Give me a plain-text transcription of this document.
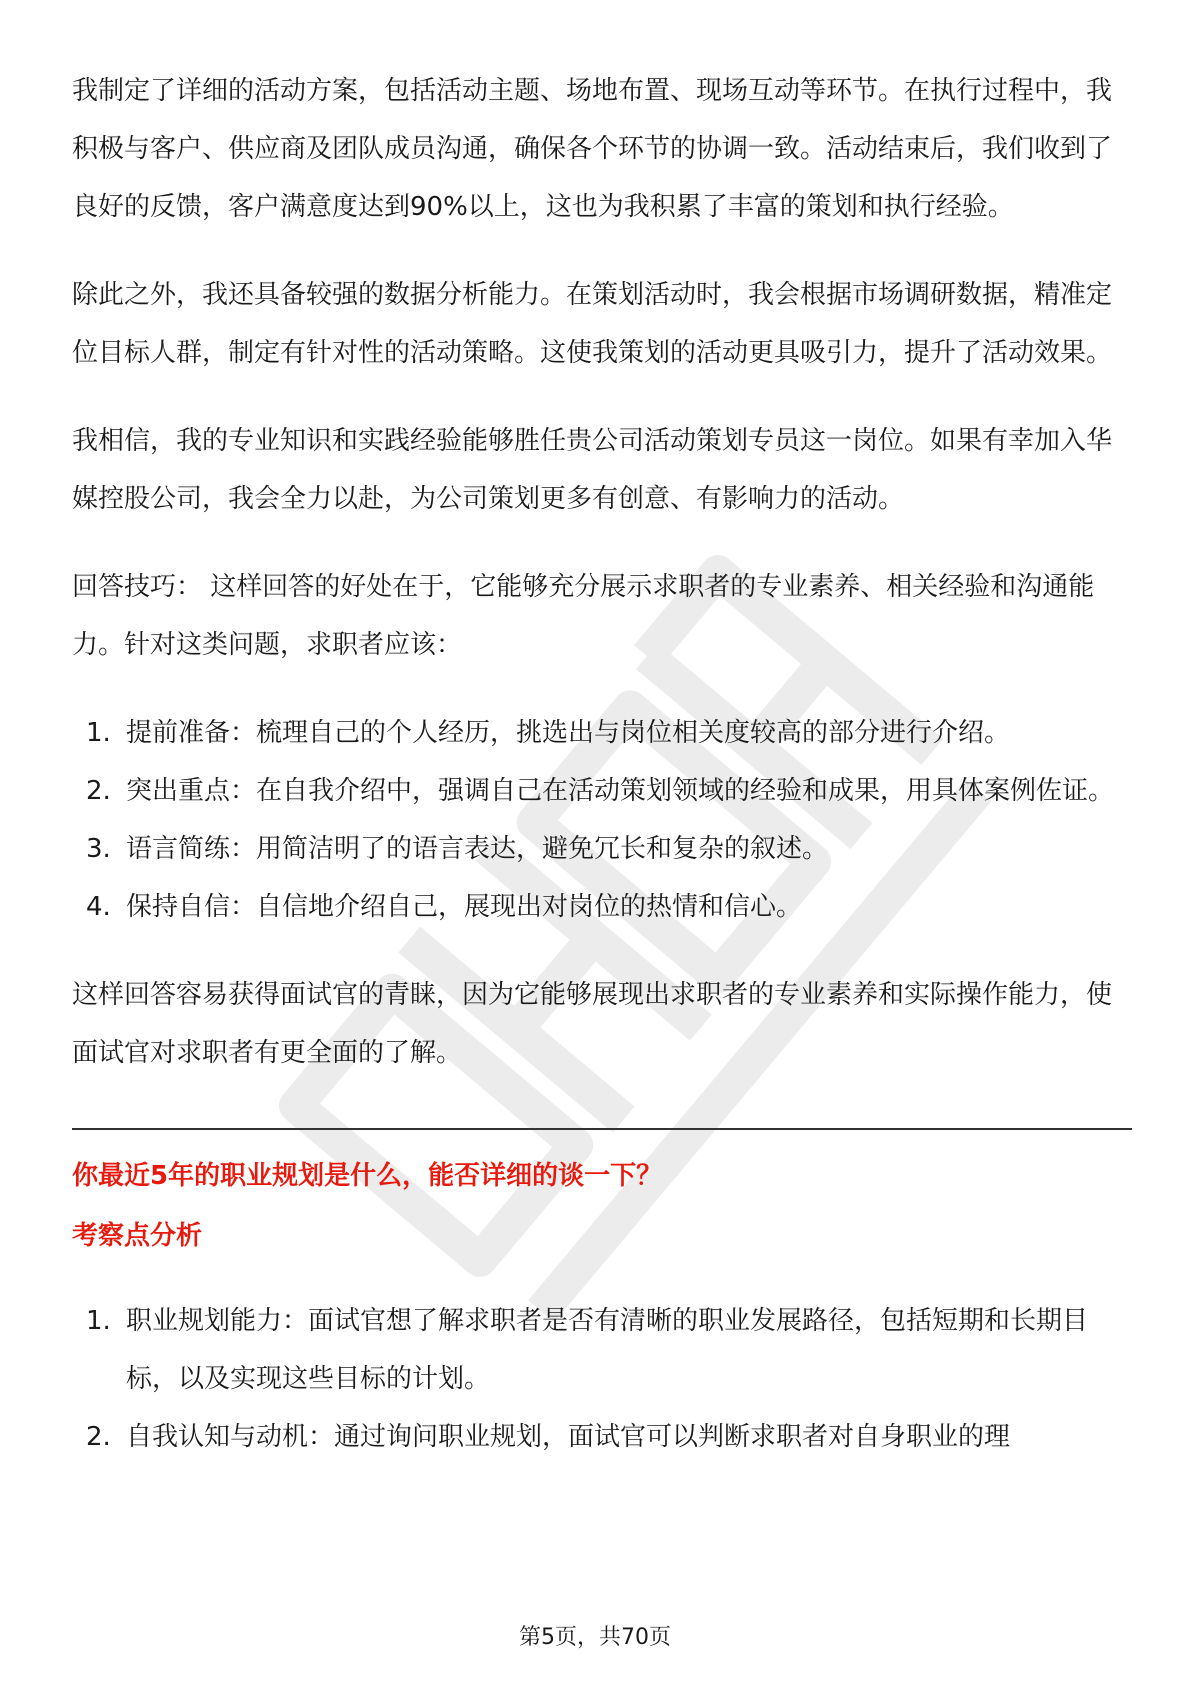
我制定了详细的活动方案，包括活动主题、场地布置、现场互动等环节。在执行过程中，我积极与客户、供应商及团队成员沟通，确保各个环节的协调一致。活动结束后，我们收到了良好的反馈，客户满意度达到90%以上，这也为我积累了丰富的策划和执行经验。

除此之外，我还具备较强的数据分析能力。在策划活动时，我会根据市场调研数据，精准定位目标人群，制定有针对性的活动策略。这使我策划的活动更具吸引力，提升了活动效果。

我相信，我的专业知识和实践经验能够胜任贵公司活动策划专员这一岗位。如果有幸加入华媒控股公司，我会全力以赴，为公司策划更多有创意、有影响力的活动。

回答技巧： 这样回答的好处在于，它能够充分展示求职者的专业素养、相关经验和沟通能力。针对这类问题，求职者应该：

1. 提前准备：梳理自己的个人经历，挑选出与岗位相关度较高的部分进行介绍。
2. 突出重点：在自我介绍中，强调自己在活动策划领域的经验和成果，用具体案例佐证。
3. 语言简练：用简洁明了的语言表达，避免冗长和复杂的叙述。
4. 保持自信：自信地介绍自己，展现出对岗位的热情和信心。

这样回答容易获得面试官的青睐，因为它能够展现出求职者的专业素养和实际操作能力，使面试官对求职者有更全面的了解。

你最近5年的职业规划是什么，能否详细的谈一下？

考察点分析

1. 职业规划能力：面试官想了解求职者是否有清晰的职业发展路径，包括短期和长期目标，以及实现这些目标的计划。
2. 自我认知与动机：通过询问职业规划，面试官可以判断求职者对自身职业的理
第5页，共70页
